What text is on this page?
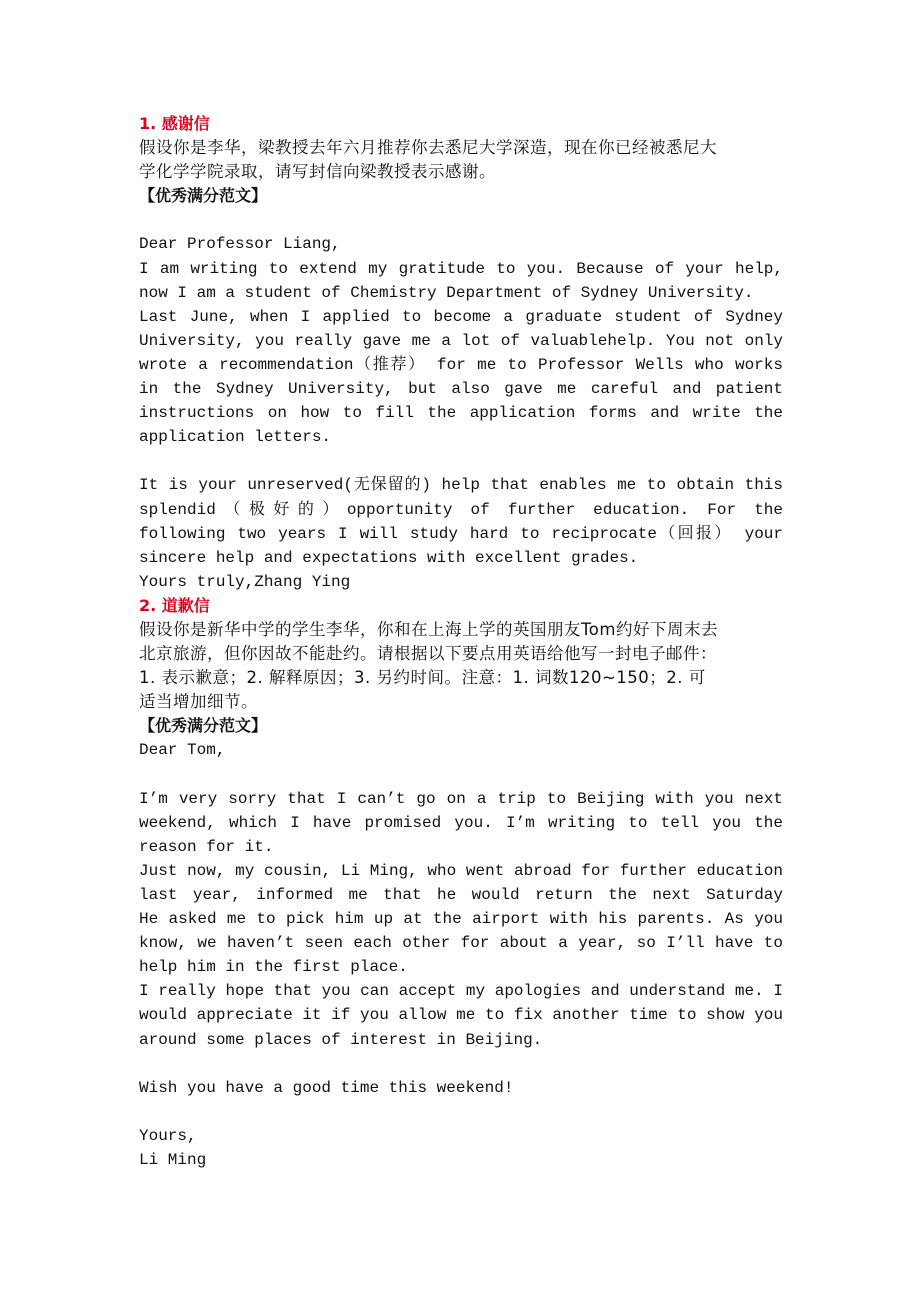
1. 感谢信
假设你是李华，梁教授去年六月推荐你去悉尼大学深造，现在你已经被悉尼大
学化学学院录取，请写封信向梁教授表示感谢。
【优秀满分范文】
Dear Professor Liang,
I am writing to extend my gratitude to you. Because of your help,
now I am a student of Chemistry Department of Sydney University.
Last June, when I applied to become a graduate student of Sydney
University, you really gave me a lot of valuablehelp. You not only
wrote a recommendation（推荐） for me to Professor Wells who works
in the Sydney University, but also gave me careful and patient
instructions on how to fill the application forms and write the
application letters.
It is your unreserved(无保留的) help that enables me to obtain this
splendid（极好的）opportunity of further education. For the
following two years I will study hard to reciprocate（回报） your
sincere help and expectations with excellent grades.
Yours truly,Zhang Ying
2. 道歉信
假设你是新华中学的学生李华，你和在上海上学的英国朋友Tom约好下周末去
北京旅游，但你因故不能赴约。请根据以下要点用英语给他写一封电子邮件：
1. 表示歉意；2. 解释原因；3. 另约时间。注意：1. 词数120~150；2. 可
适当增加细节。
【优秀满分范文】
Dear Tom,
I’m very sorry that I can’t go on a trip to Beijing with you next
weekend, which I have promised you. I’m writing to tell you the
reason for it.
Just now, my cousin, Li Ming, who went abroad for further education
last year, informed me that he would return the next Saturday
He asked me to pick him up at the airport with his parents. As you
know, we haven’t seen each other for about a year, so I’ll have to
help him in the first place.
I really hope that you can accept my apologies and understand me. I
would appreciate it if you allow me to fix another time to show you
around some places of interest in Beijing.
Wish you have a good time this weekend!
Yours,
Li Ming
